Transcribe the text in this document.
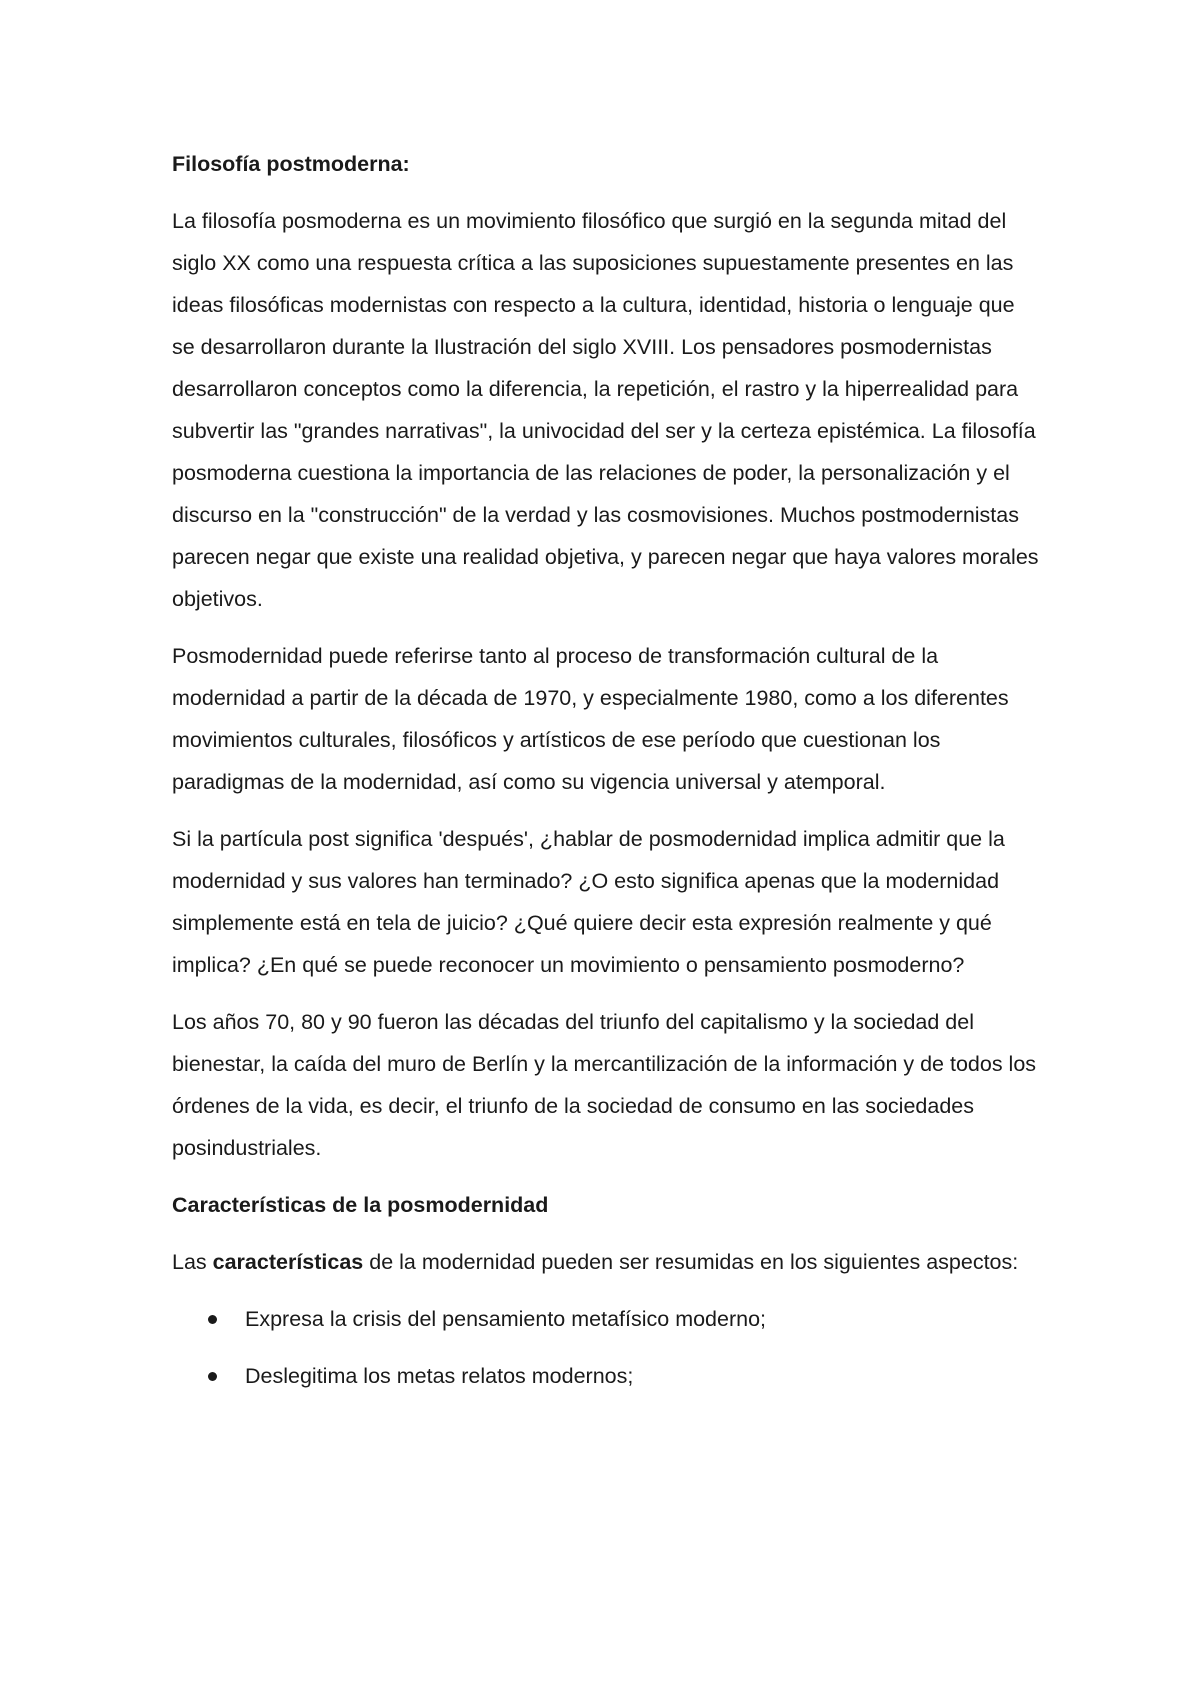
Filosofía postmoderna:

La filosofía posmoderna es un movimiento filosófico que surgió en la segunda mitad del siglo XX como una respuesta crítica a las suposiciones supuestamente presentes en las ideas filosóficas modernistas con respecto a la cultura, identidad, historia o lenguaje que se desarrollaron durante la Ilustración del siglo XVIII. Los pensadores posmodernistas desarrollaron conceptos como la diferencia, la repetición, el rastro y la hiperrealidad para subvertir las "grandes narrativas", la univocidad del ser y la certeza epistémica. La filosofía posmoderna cuestiona la importancia de las relaciones de poder, la personalización y el discurso en la "construcción" de la verdad y las cosmovisiones. Muchos postmodernistas parecen negar que existe una realidad objetiva, y parecen negar que haya valores morales objetivos.

Posmodernidad puede referirse tanto al proceso de transformación cultural de la modernidad a partir de la década de 1970, y especialmente 1980, como a los diferentes movimientos culturales, filosóficos y artísticos de ese período que cuestionan los paradigmas de la modernidad, así como su vigencia universal y atemporal.

Si la partícula post significa 'después', ¿hablar de posmodernidad implica admitir que la modernidad y sus valores han terminado? ¿O esto significa apenas que la modernidad simplemente está en tela de juicio? ¿Qué quiere decir esta expresión realmente y qué implica? ¿En qué se puede reconocer un movimiento o pensamiento posmoderno?

Los años 70, 80 y 90 fueron las décadas del triunfo del capitalismo y la sociedad del bienestar, la caída del muro de Berlín y la mercantilización de la información y de todos los órdenes de la vida, es decir, el triunfo de la sociedad de consumo en las sociedades posindustriales.

Características de la posmodernidad

Las características de la modernidad pueden ser resumidas en los siguientes aspectos:

Expresa la crisis del pensamiento metafísico moderno;
Deslegitima los metas relatos modernos;
